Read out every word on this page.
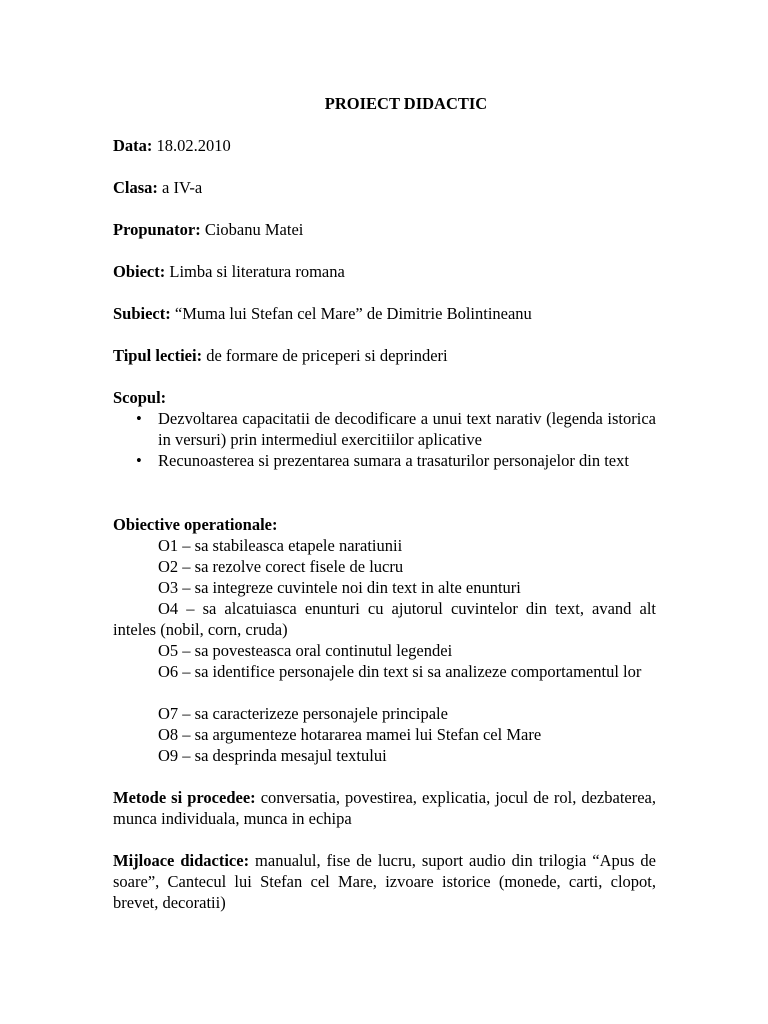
PROIECT DIDACTIC
Data: 18.02.2010
Clasa: a IV-a
Propunator: Ciobanu Matei
Obiect: Limba si literatura romana
Subiect: “Muma lui Stefan cel Mare” de Dimitrie Bolintineanu
Tipul lectiei: de formare de priceperi si deprinderi
Scopul:
• Dezvoltarea capacitatii de decodificare a unui text narativ (legenda istorica in versuri) prin intermediul exercitiilor aplicative
• Recunoasterea si prezentarea sumara a trasaturilor personajelor din text
Obiective operationale:
O1 – sa stabileasca etapele naratiunii
O2 – sa rezolve corect fisele de lucru
O3 – sa integreze cuvintele noi din text in alte enunturi
O4 – sa alcatuiasca enunturi cu ajutorul cuvintelor din text, avand alt inteles (nobil, corn, cruda)
O5 – sa povesteasca oral continutul legendei
O6 – sa identifice personajele din text si sa analizeze comportamentul lor
O7 – sa caracterizeze personajele principale
O8 – sa argumenteze hotararea mamei lui Stefan cel Mare
O9 – sa desprinda mesajul textului
Metode si procedee: conversatia, povestirea, explicatia, jocul de rol, dezbaterea, munca individuala, munca in echipa
Mijloace didactice: manualul, fise de lucru, suport audio din trilogia “Apus de soare”, Cantecul lui Stefan cel Mare, izvoare istorice (monede, carti, clopot, brevet, decoratii)
